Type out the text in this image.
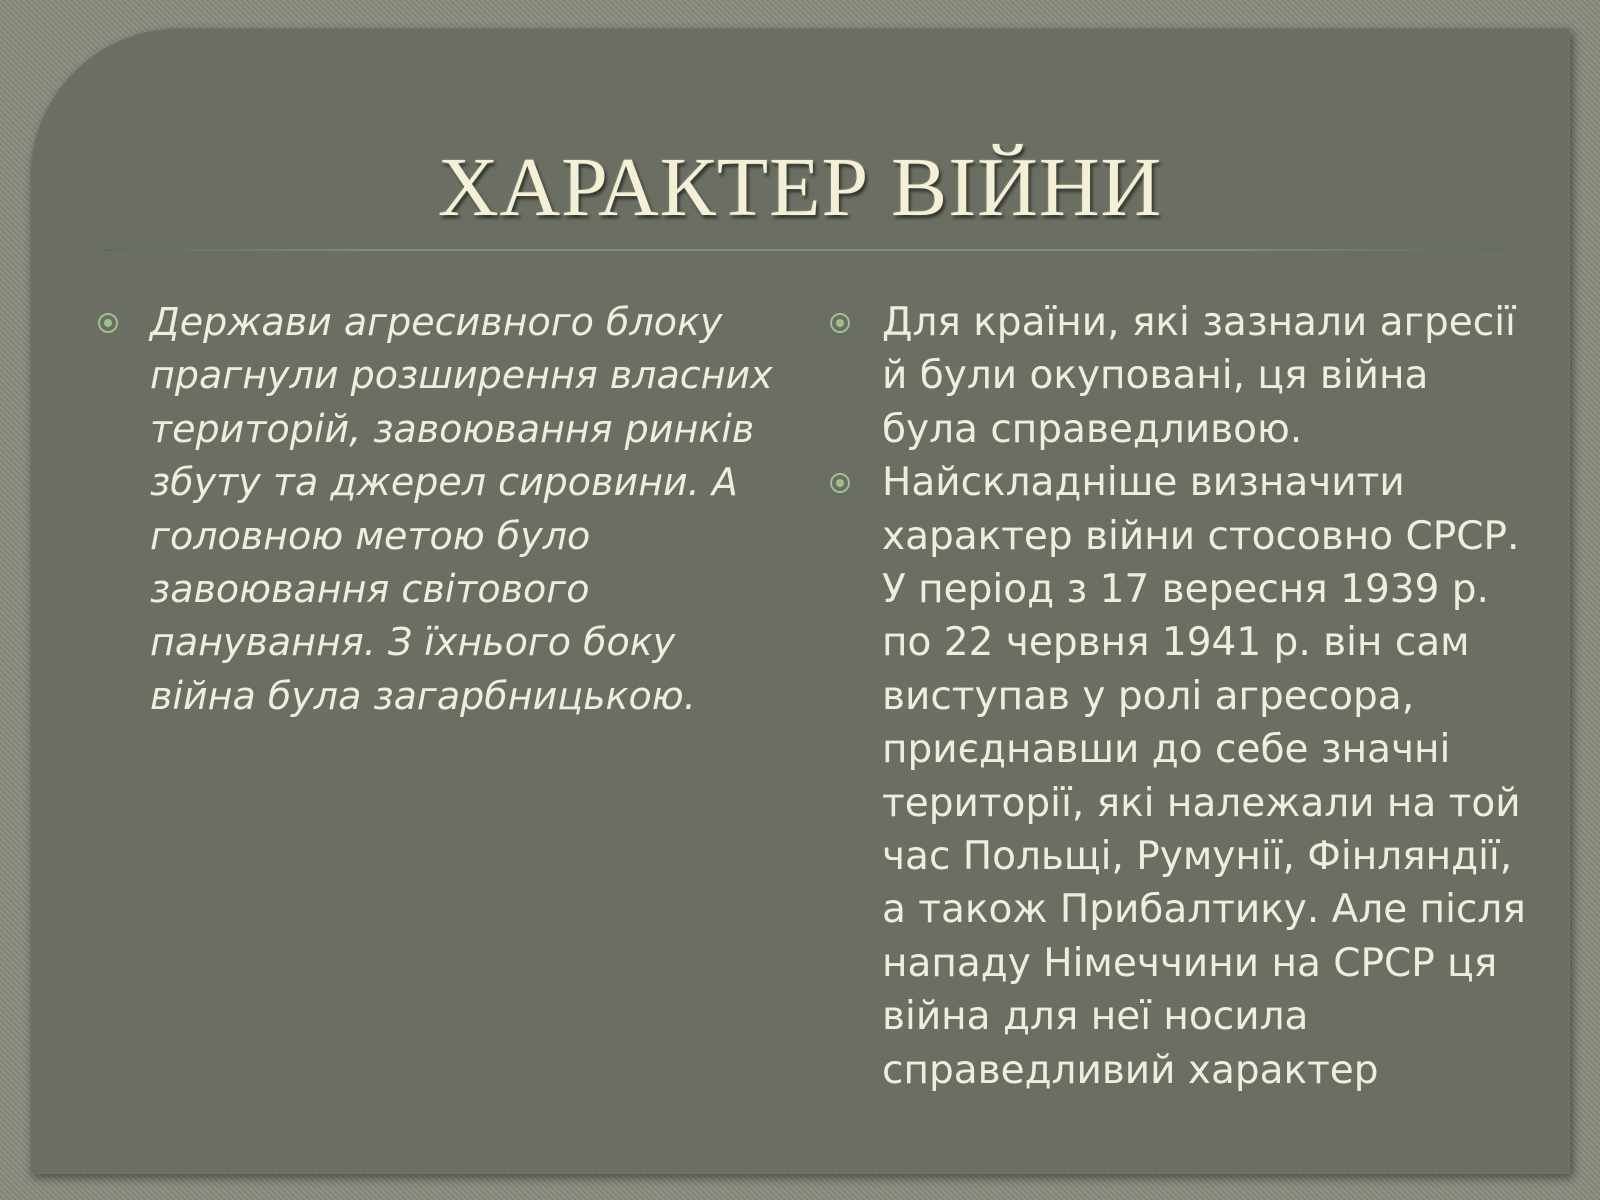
ХАРАКТЕР ВІЙНИ
Держави агресивного блоку прагнули розширення власних територій, завоювання ринків збуту та джерел сировини. А головною метою було завоювання світового панування. З їхнього боку війна була загарбницькою.
Для країни, які зазнали агресії й були окуповані, ця війна була справедливою.
Найскладніше визначити характер війни стосовно СРСР. У період з 17 вересня 1939 р. по 22 червня 1941 р. він сам виступав у ролі агресора, приєднавши до себе значні території, які належали на той час Польщі, Румунії, Фінляндії, а також Прибалтику. Але після нападу Німеччини на СРСР ця війна для неї носила справедливий характер
